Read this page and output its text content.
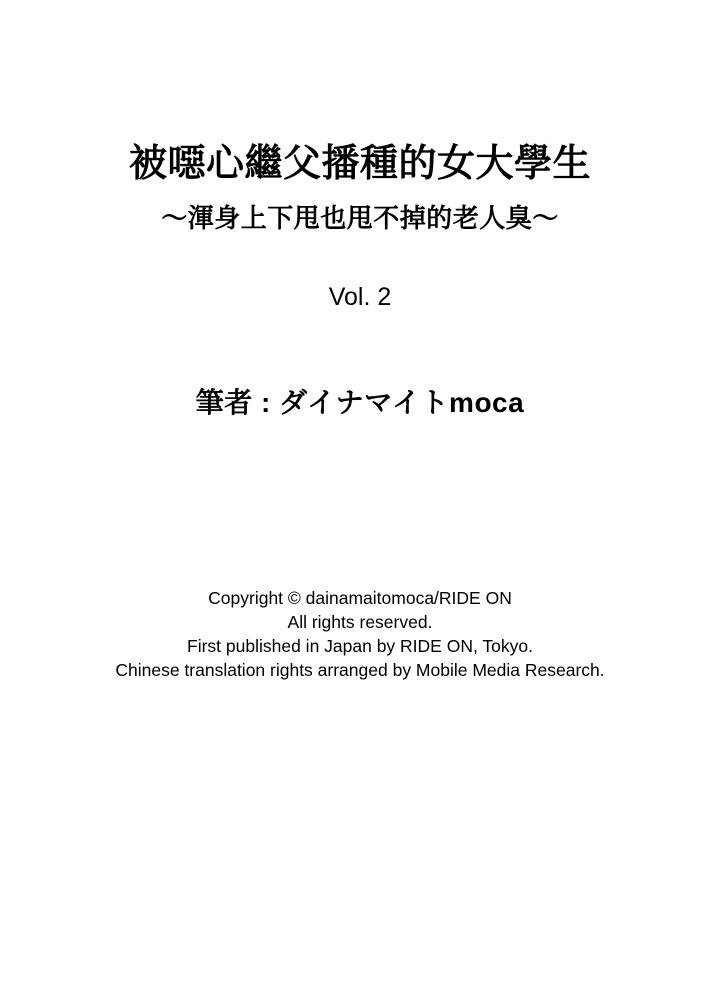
被噁心繼父播種的女大學生
～渾身上下甩也甩不掉的老人臭～
Vol. 2
筆者 : ダイナマイトmoca
Copyright © dainamaitomoca/RIDE ON
All rights reserved.
First published in Japan by RIDE ON, Tokyo.
Chinese translation rights arranged by Mobile Media Research.
